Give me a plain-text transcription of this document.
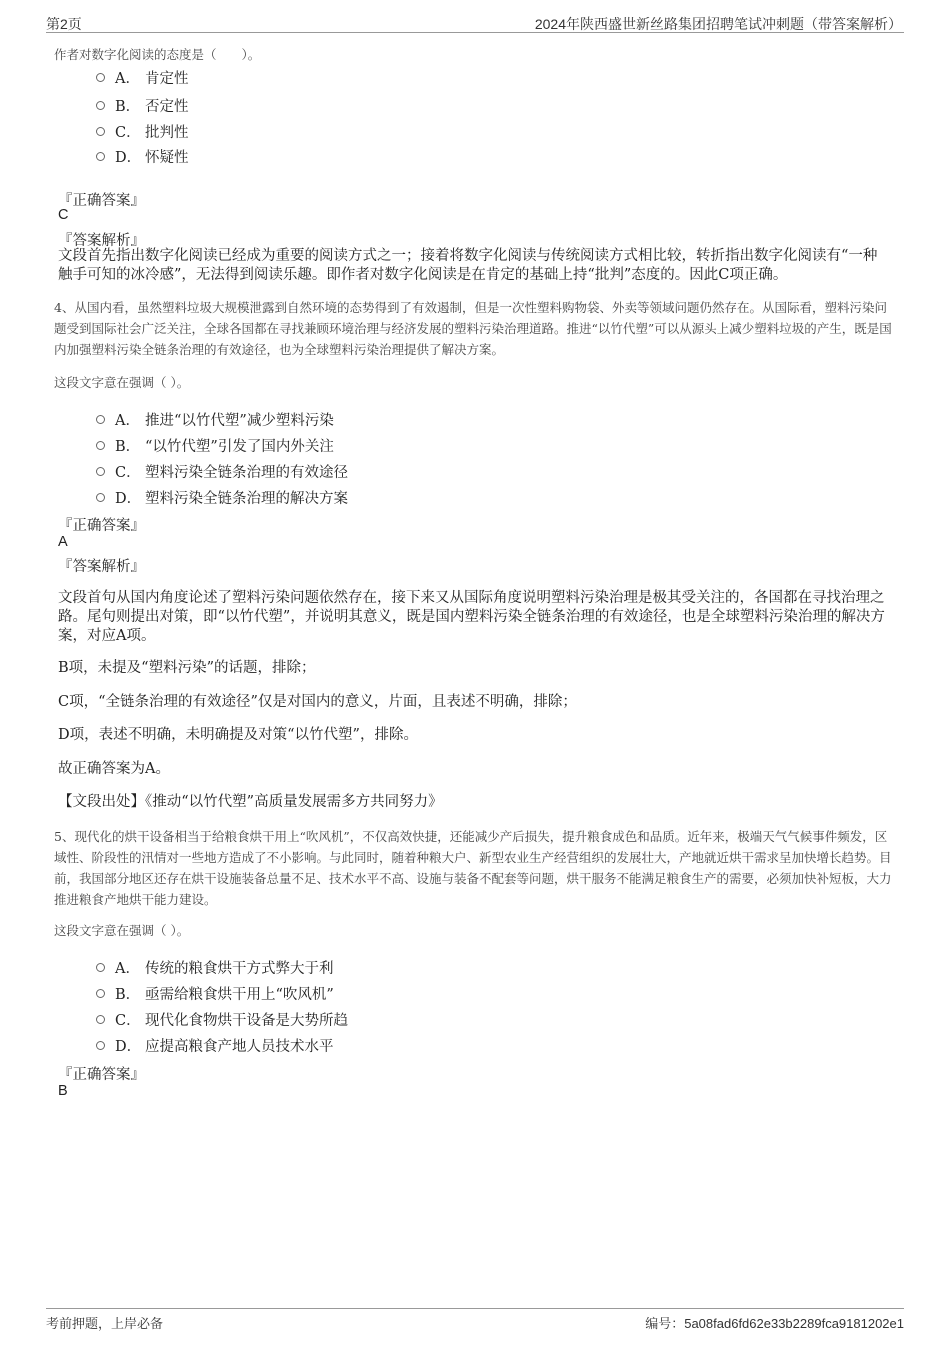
第2页	2024年陕西盛世新丝路集团招聘笔试冲刺题（带答案解析）
作者对数字化阅读的态度是（　　）。
A． 肯定性
B． 否定性
C． 批判性
D． 怀疑性
『正确答案』
C
『答案解析』
文段首先指出数字化阅读已经成为重要的阅读方式之一；接着将数字化阅读与传统阅读方式相比较，转折指出数字化阅读有“一种触手可知的冰冷感”，无法得到阅读乐趣。即作者对数字化阅读是在肯定的基础上持“批判”态度的。因此C项正确。
4、从国内看，虽然塑料垃圾大规模泄露到自然环境的态势得到了有效遏制，但是一次性塑料购物袋、外卖等领域问题仍然存在。从国际看，塑料污染问题受到国际社会广泛关注，全球各国都在寻找兼顾环境治理与经济发展的塑料污染治理道路。推进“以竹代塑”可以从源头上减少塑料垃圾的产生，既是国内加强塑料污染全链条治理的有效途径，也为全球塑料污染治理提供了解决方案。
这段文字意在强调（ ）。
A． 推进“以竹代塑”减少塑料污染
B． “以竹代塑”引发了国内外关注
C． 塑料污染全链条治理的有效途径
D． 塑料污染全链条治理的解决方案
『正确答案』
A
『答案解析』
文段首句从国内角度论述了塑料污染问题依然存在，接下来又从国际角度说明塑料污染治理是极其受关注的，各国都在寻找治理之路。尾句则提出对策，即“以竹代塑”，并说明其意义，既是国内塑料污染全链条治理的有效途径，也是全球塑料污染治理的解决方案，对应A项。
B项，未提及“塑料污染”的话题，排除；
C项，“全链条治理的有效途径”仅是对国内的意义，片面，且表述不明确，排除；
D项，表述不明确，未明确提及对策“以竹代塑”，排除。
故正确答案为A。
【文段出处】《推动“以竹代塑”高质量发展需多方共同努力》
5、现代化的烘干设备相当于给粮食烘干用上“吹风机”，不仅高效快捷，还能减少产后损失，提升粮食成色和品质。近年来，极端天气气候事件频发，区域性、阶段性的汛情对一些地方造成了不小影响。与此同时，随着种粮大户、新型农业生产经营组织的发展壮大，产地就近烘干需求呈加快增长趋势。目前，我国部分地区还存在烘干设施装备总量不足、技术水平不高、设施与装备不配套等问题，烘干服务不能满足粮食生产的需要，必须加快补短板，大力推进粮食产地烘干能力建设。
这段文字意在强调（ ）。
A． 传统的粮食烘干方式弊大于利
B． 亟需给粮食烘干用上“吹风机”
C． 现代化食物烘干设备是大势所趋
D． 应提高粮食产地人员技术水平
『正确答案』
B
考前押题，上岸必备	编号：5a08fad6fd62e33b2289fca9181202e1
